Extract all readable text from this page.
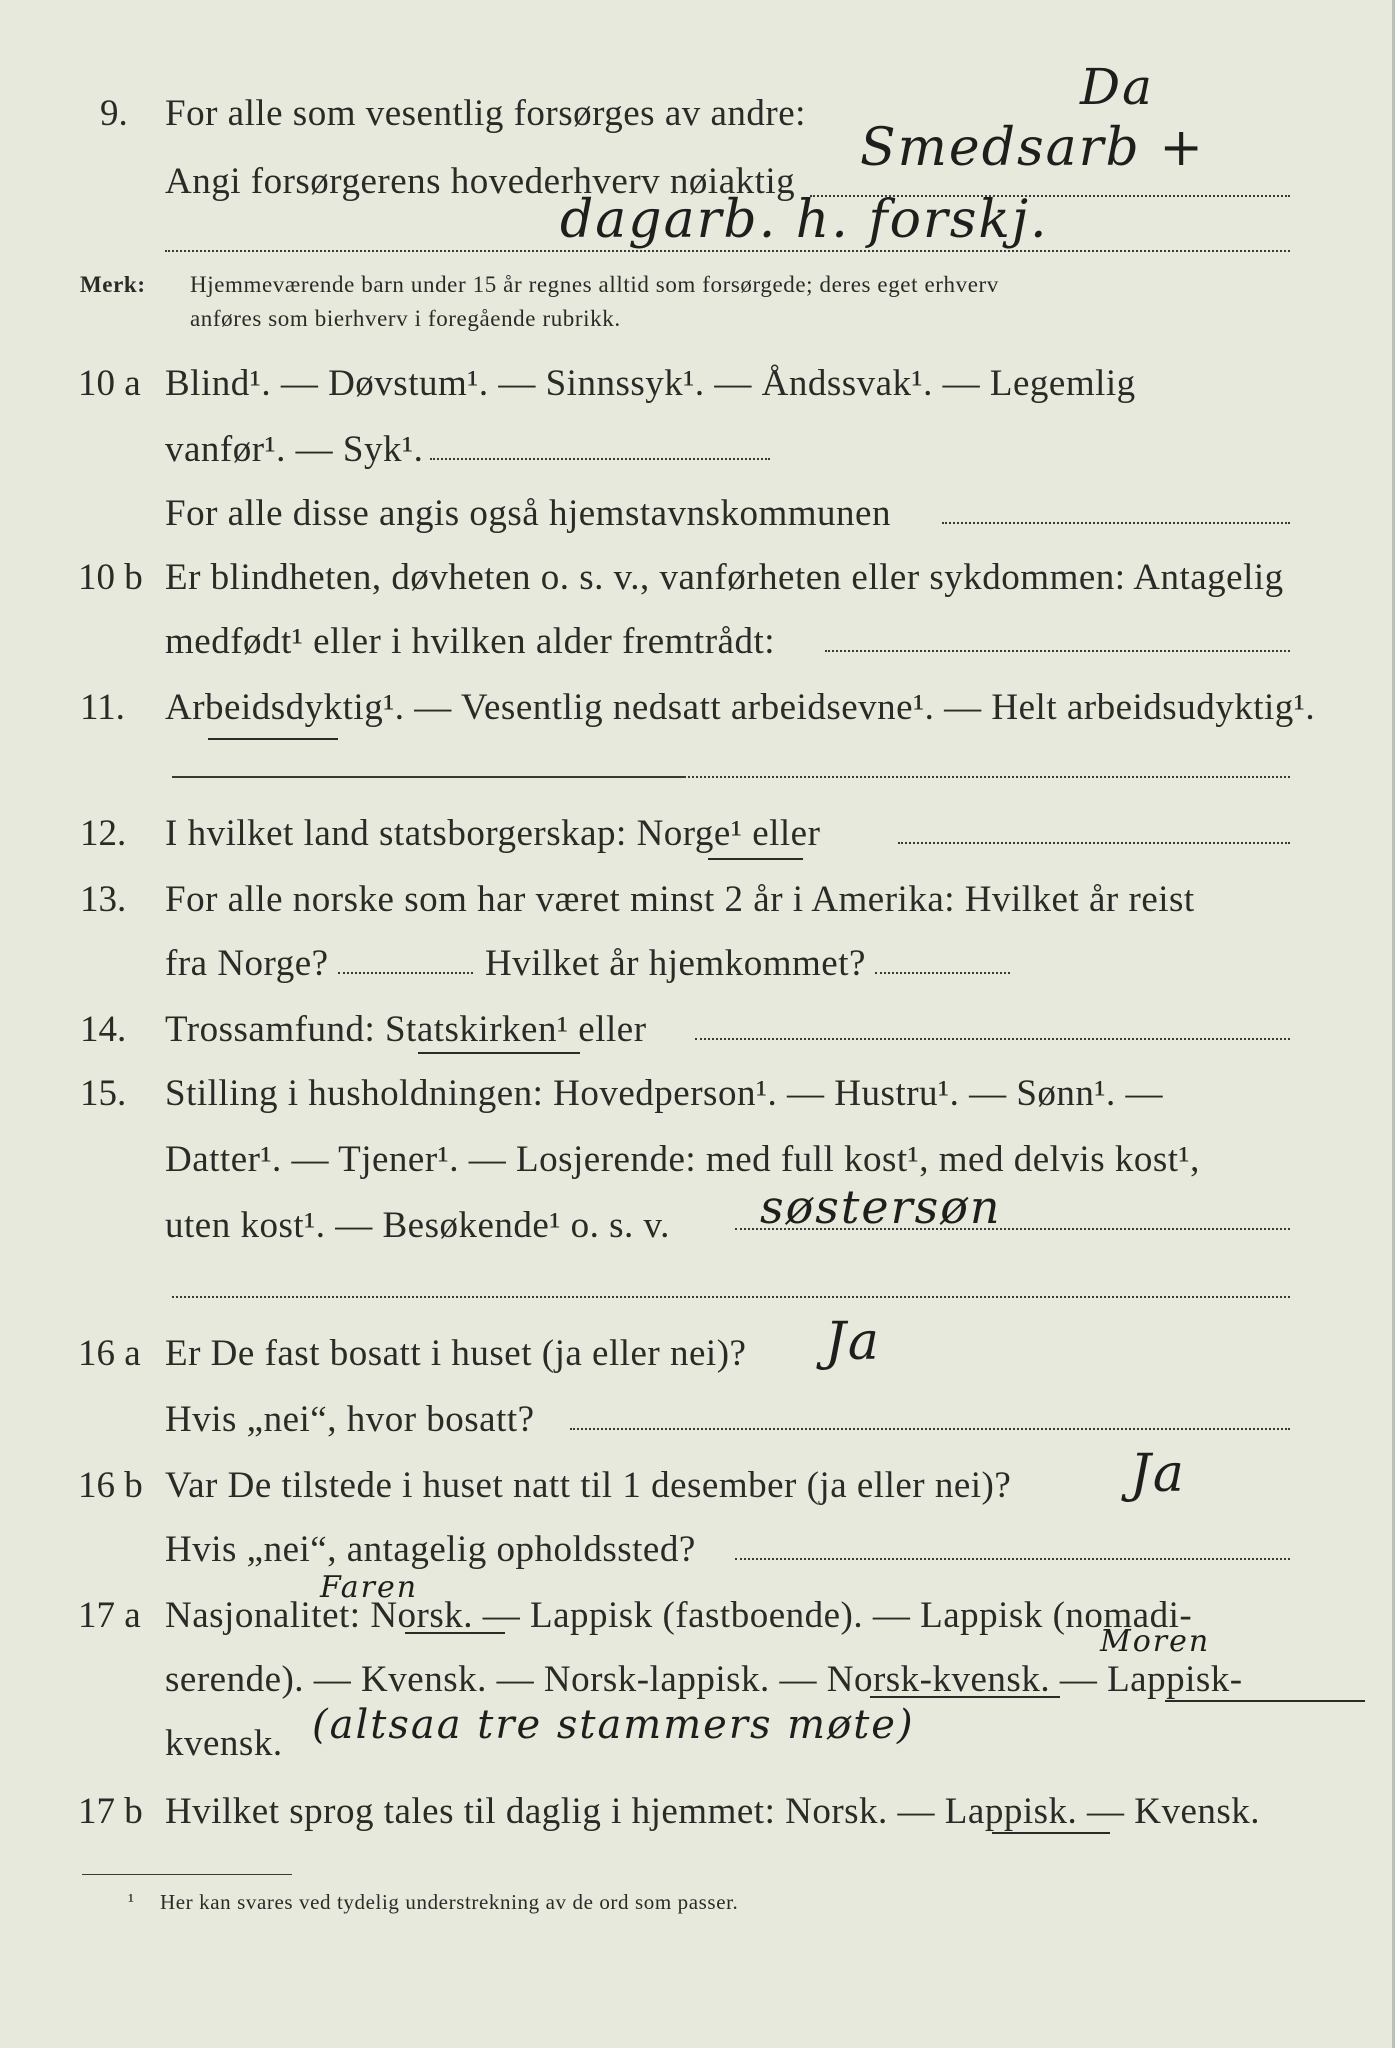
9. For alle som vesentlig forsørges av andre:	Da
Angi forsørgerens hovederhverv nøiaktig
Smedsarb +
dagarb. h. forskj.
Merk: Hjemmeværende barn under 15 år regnes alltid som forsørgede; deres eget erhverv
anføres som bierhverv i foregående rubrikk.
10 a Blind¹. — Døvstum¹. — Sinnssyk¹. — Åndssvak¹. — Legemlig
vanfør¹. — Syk¹.
For alle disse angis også hjemstavnskommunen
10 b Er blindheten, døvheten o. s. v., vanførheten eller sykdommen: Antagelig
medfødt¹ eller i hvilken alder fremtrådt:
11. Arbeidsdyktig¹. — Vesentlig nedsatt arbeidsevne¹. — Helt arbeidsudyktig¹.
12. I hvilket land statsborgerskap: Norge¹ eller
13. For alle norske som har været minst 2 år i Amerika: Hvilket år reist
fra Norge?	Hvilket år hjemkommet?
14. Trossamfund: Statskirken¹ eller
15. Stilling i husholdningen: Hovedperson¹. — Hustru¹. — Sønn¹. —
Datter¹. — Tjener¹. — Losjerende: med full kost¹, med delvis kost¹,
uten kost¹. — Besøkende¹ o. s. v. søstersøn
16 a Er De fast bosatt i huset (ja eller nei)? Ja
Hvis „nei“, hvor bosatt?
16 b Var De tilstede i huset natt til 1 desember (ja eller nei)? Ja
Hvis „nei“, antagelig opholdssted?
17 a
Faren
Nasjonalitet: Norsk. — Lappisk (fastboende). — Lappisk (nomadi-
Moren
serende). — Kvensk. — Norsk-lappisk. — Norsk-kvensk. — Lappisk-
kvensk. (altsaa tre stammers møte)
17 b Hvilket sprog tales til daglig i hjemmet: Norsk. — Lappisk. — Kvensk.
¹ Her kan svares ved tydelig understrekning av de ord som passer.
